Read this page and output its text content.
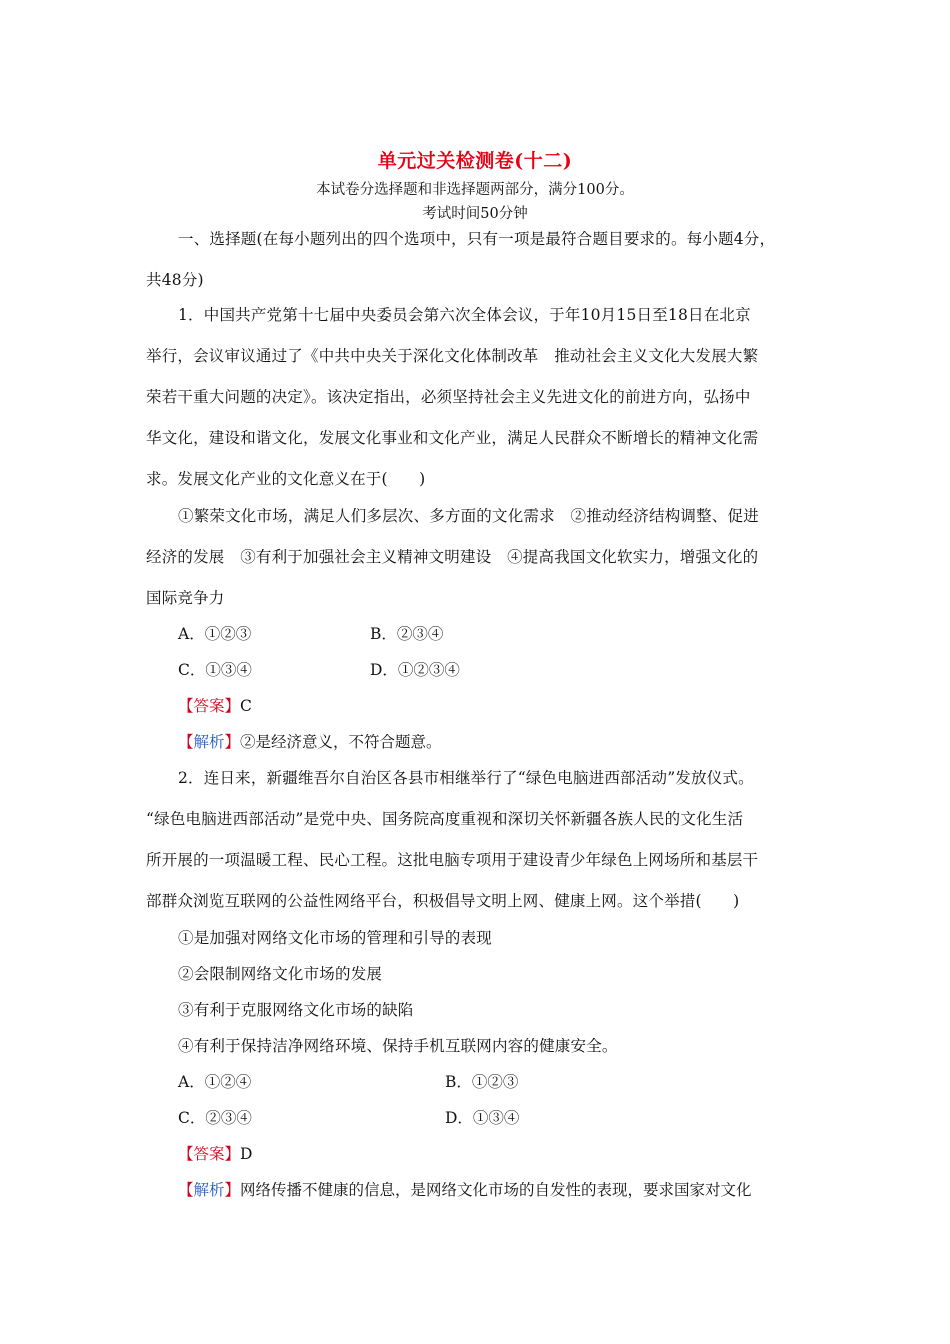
单元过关检测卷(十二)
本试卷分选择题和非选择题两部分，满分100分。
考试时间50分钟
一、选择题(在每小题列出的四个选项中，只有一项是最符合题目要求的。每小题4分，
共48分)
1．中国共产党第十七届中央委员会第六次全体会议，于年10月15日至18日在北京
举行，会议审议通过了《中共中央关于深化文化体制改革　推动社会主义文化大发展大繁
荣若干重大问题的决定》。该决定指出，必须坚持社会主义先进文化的前进方向，弘扬中
华文化，建设和谐文化，发展文化事业和文化产业，满足人民群众不断增长的精神文化需
求。发展文化产业的文化意义在于(　　)
①繁荣文化市场，满足人们多层次、多方面的文化需求　②推动经济结构调整、促进
经济的发展　③有利于加强社会主义精神文明建设　④提高我国文化软实力，增强文化的
国际竞争力
A．①②③	B．②③④
C．①③④	D．①②③④
【答案】C
【解析】②是经济意义，不符合题意。
2．连日来，新疆维吾尔自治区各县市相继举行了“绿色电脑进西部活动”发放仪式。
“绿色电脑进西部活动”是党中央、国务院高度重视和深切关怀新疆各族人民的文化生活
所开展的一项温暖工程、民心工程。这批电脑专项用于建设青少年绿色上网场所和基层干
部群众浏览互联网的公益性网络平台，积极倡导文明上网、健康上网。这个举措(　　)
①是加强对网络文化市场的管理和引导的表现
②会限制网络文化市场的发展
③有利于克服网络文化市场的缺陷
④有利于保持洁净网络环境、保持手机互联网内容的健康安全。
A．①②④	B．①②③
C．②③④	D．①③④
【答案】D
【解析】网络传播不健康的信息，是网络文化市场的自发性的表现，要求国家对文化
